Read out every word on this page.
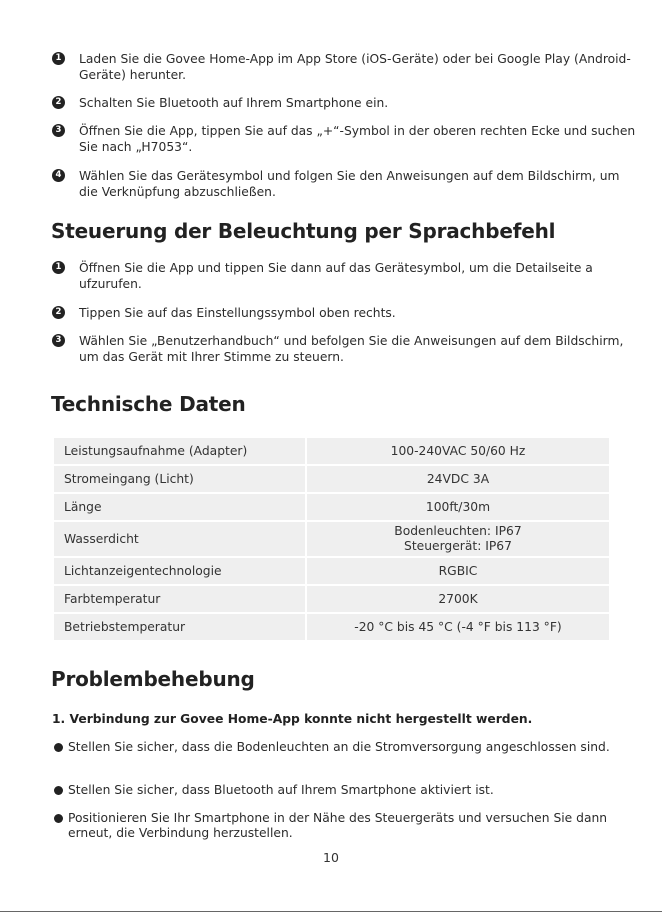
1 Laden Sie die Govee Home-App im App Store (iOS-Geräte) oder bei Google Play (Android-Geräte) herunter.
2 Schalten Sie Bluetooth auf Ihrem Smartphone ein.
3 Öffnen Sie die App, tippen Sie auf das „+“-Symbol in der oberen rechten Ecke und suchen Sie nach „H7053“.
4 Wählen Sie das Gerätesymbol und folgen Sie den Anweisungen auf dem Bildschirm, um die Verknüpfung abzuschließen.
Steuerung der Beleuchtung per Sprachbefehl
1 Öffnen Sie die App und tippen Sie dann auf das Gerätesymbol, um die Detailseite a ufzurufen.
2 Tippen Sie auf das Einstellungssymbol oben rechts.
3 Wählen Sie „Benutzerhandbuch“ und befolgen Sie die Anweisungen auf dem Bildschirm, um das Gerät mit Ihrer Stimme zu steuern.
Technische Daten
Leistungsaufnahme (Adapter)	100-240VAC 50/60 Hz
Stromeingang (Licht)	24VDC 3A
Länge	100ft/30m
Wasserdicht	Bodenleuchten: IP67
Steuergerät: IP67

Lichtanzeigentechnologie	RGBIC
Farbtemperatur	2700K
Betriebstemperatur	-20 °C bis 45 °C (-4 °F bis 113 °F)
Problembehebung
1. Verbindung zur Govee Home-App konnte nicht hergestellt werden.
Stellen Sie sicher, dass die Bodenleuchten an die Stromversorgung angeschlossen sind.
Stellen Sie sicher, dass Bluetooth auf Ihrem Smartphone aktiviert ist.
Positionieren Sie Ihr Smartphone in der Nähe des Steuergeräts und versuchen Sie dann erneut, die Verbindung herzustellen.
10
